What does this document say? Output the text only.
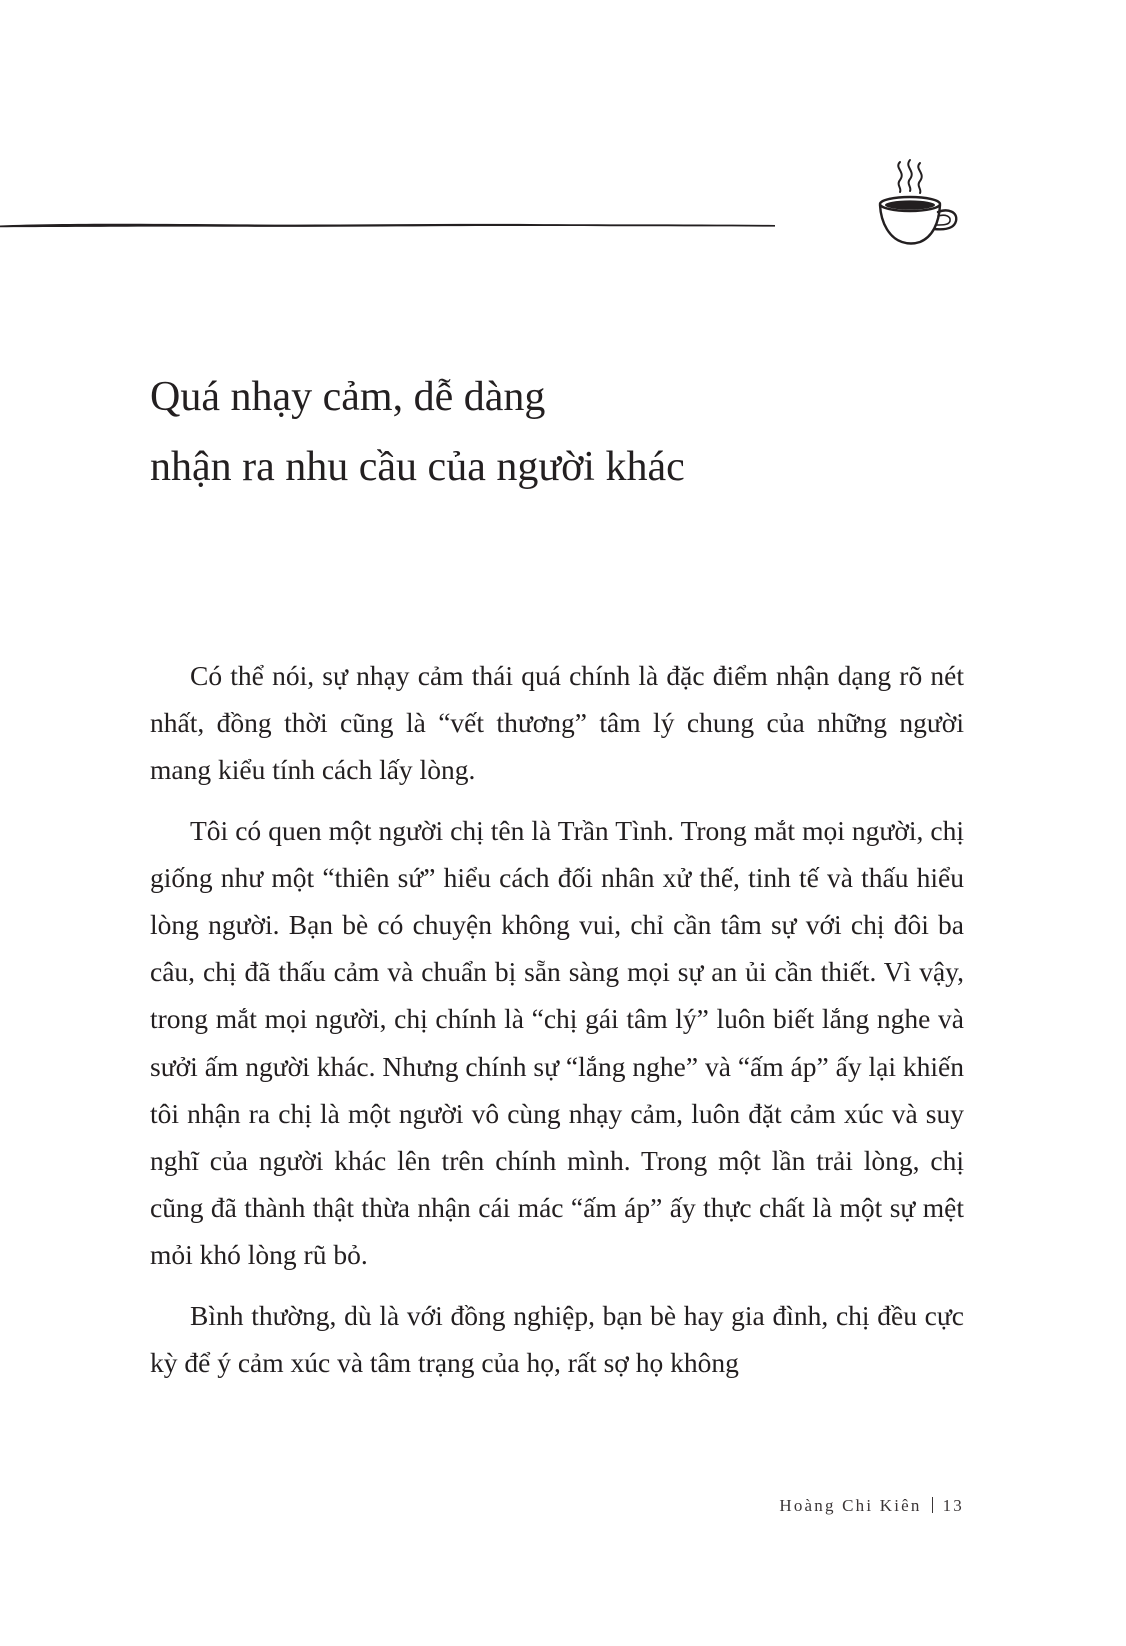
Quá nhạy cảm, dễ dàng
nhận ra nhu cầu của người khác

Có thể nói, sự nhạy cảm thái quá chính là đặc điểm nhận dạng rõ nét nhất, đồng thời cũng là “vết thương” tâm lý chung của những người mang kiểu tính cách lấy lòng.

Tôi có quen một người chị tên là Trần Tình. Trong mắt mọi người, chị giống như một “thiên sứ” hiểu cách đối nhân xử thế, tinh tế và thấu hiểu lòng người. Bạn bè có chuyện không vui, chỉ cần tâm sự với chị đôi ba câu, chị đã thấu cảm và chuẩn bị sẵn sàng mọi sự an ủi cần thiết. Vì vậy, trong mắt mọi người, chị chính là “chị gái tâm lý” luôn biết lắng nghe và sưởi ấm người khác. Nhưng chính sự “lắng nghe” và “ấm áp” ấy lại khiến tôi nhận ra chị là một người vô cùng nhạy cảm, luôn đặt cảm xúc và suy nghĩ của người khác lên trên chính mình. Trong một lần trải lòng, chị cũng đã thành thật thừa nhận cái mác “ấm áp” ấy thực chất là một sự mệt mỏi khó lòng rũ bỏ.

Bình thường, dù là với đồng nghiệp, bạn bè hay gia đình, chị đều cực kỳ để ý cảm xúc và tâm trạng của họ, rất sợ họ không

Hoàng Chi Kiên 13
